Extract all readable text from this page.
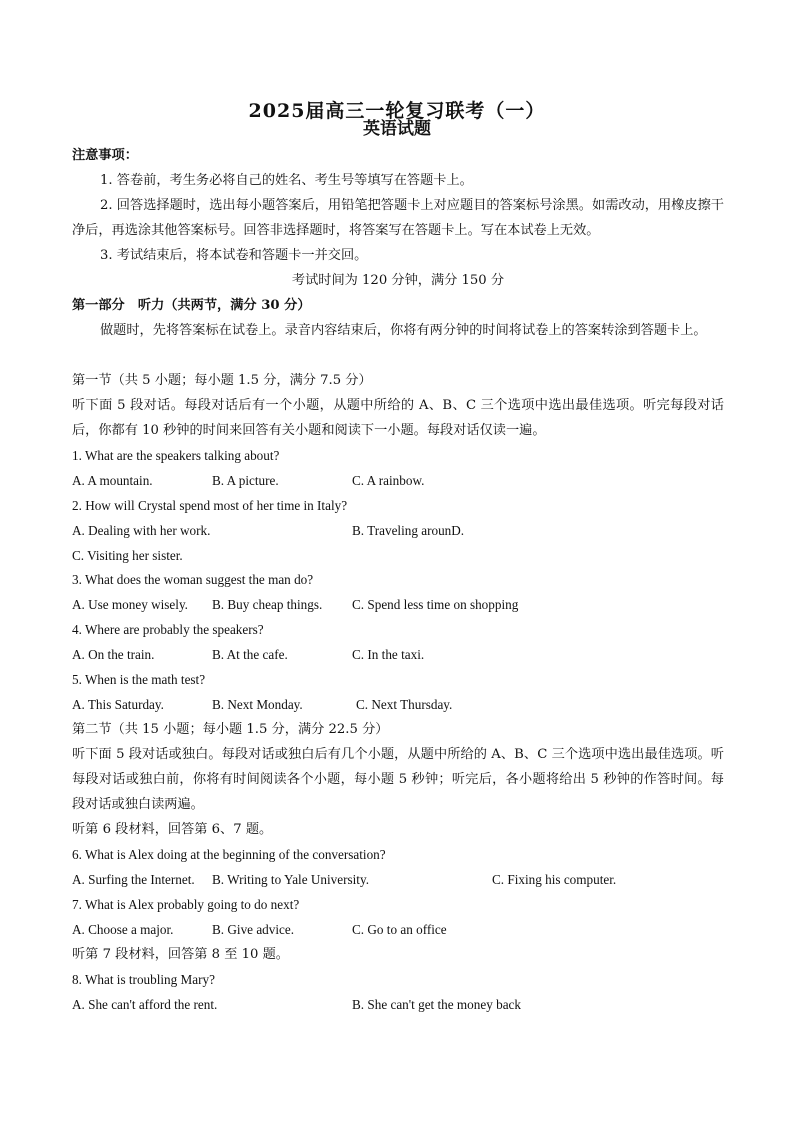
2025届高三一轮复习联考（一）
英语试题
注意事项：
1. 答卷前，考生务必将自己的姓名、考生号等填写在答题卡上。
2. 回答选择题时，选出每小题答案后，用铅笔把答题卡上对应题目的答案标号涂黑。如需改动，用橡皮擦干净后，再选涂其他答案标号。回答非选择题时，将答案写在答题卡上。写在本试卷上无效。
3. 考试结束后，将本试卷和答题卡一并交回。
考试时间为 120 分钟，满分 150 分
第一部分　听力（共两节，满分 30 分）
做题时，先将答案标在试卷上。录音内容结束后，你将有两分钟的时间将试卷上的答案转涂到答题卡上。
第一节（共 5 小题；每小题 1.5 分，满分 7.5 分）
听下面 5 段对话。每段对话后有一个小题，从题中所给的 A、B、C 三个选项中选出最佳选项。听完每段对话后，你都有 10 秒钟的时间来回答有关小题和阅读下一小题。每段对话仅读一遍。
1. What are the speakers talking about?
A. A mountain.	B. A picture.	C. A rainbow.
2. How will Crystal spend most of her time in Italy?
A. Dealing with her work.	B. Traveling arounD.
C. Visiting her sister.
3. What does the woman suggest the man do?
A. Use money wisely. B. Buy cheap things. C. Spend less time on shopping
4. Where are probably the speakers?
A. On the train.	B. At the cafe.	C. In the taxi.
5. When is the math test?
A. This Saturday.	B. Next Monday.	C. Next Thursday.
第二节（共 15 小题；每小题 1.5 分，满分 22.5 分）
听下面 5 段对话或独白。每段对话或独白后有几个小题，从题中所给的 A、B、C 三个选项中选出最佳选项。听每段对话或独白前，你将有时间阅读各个小题，每小题 5 秒钟；听完后，各小题将给出 5 秒钟的作答时间。每段对话或独白读两遍。
听第 6 段材料，回答第 6、7 题。
6. What is Alex doing at the beginning of the conversation?
A. Surfing the Internet. B. Writing to Yale University.	C. Fixing his computer.
7. What is Alex probably going to do next?
A. Choose a major.	B. Give advice.	C. Go to an office
听第 7 段材料，回答第 8 至 10 题。
8. What is troubling Mary?
A. She can't afford the rent.	B. She can't get the money back
